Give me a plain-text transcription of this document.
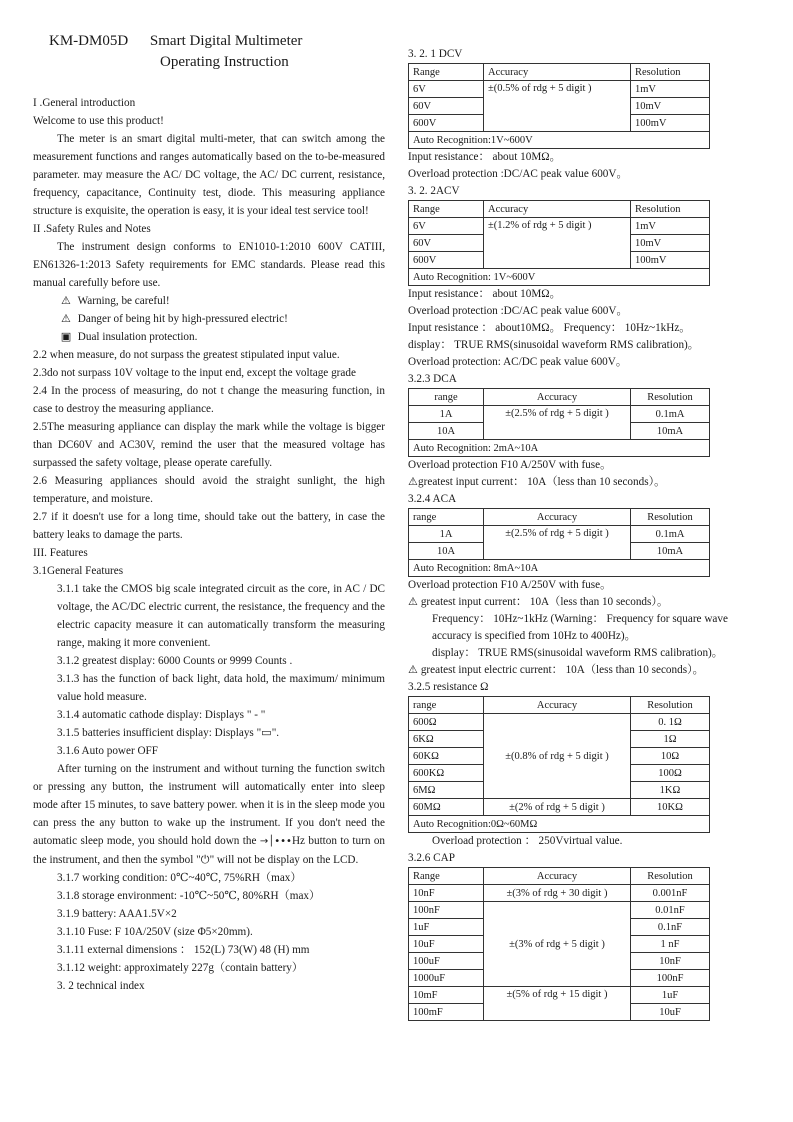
KM-DM05D Smart Digital Multimeter
Operating Instruction

I .General introduction

Welcome to use this product!

The meter is an smart digital multi-meter, that can switch among the measurement functions and ranges automatically based on the to-be-measured parameter. may measure the AC/ DC voltage, the AC/ DC current, resistance, frequency, capacitance, Continuity test, diode. This measuring appliance structure is exquisite, the operation is easy, it is your ideal test service tool!

II .Safety Rules and Notes

The instrument design conforms to EN1010-1:2010 600V CATIII, EN61326-1:2013 Safety requirements for EMC standards. Please read this manual carefully before use.

⚠ Warning, be careful!

⚠ Danger of being hit by high-pressured electric!

▣ Dual insulation protection.

2.2 when measure, do not surpass the greatest stipulated input value.

2.3do not surpass 10V voltage to the input end, except the voltage grade

2.4 In the process of measuring, do not t change the measuring function, in case to destroy the measuring appliance.

2.5The measuring appliance can display the mark while the voltage is bigger than DC60V and AC30V, remind the user that the measured voltage has surpassed the safety voltage, please operate carefully.

2.6 Measuring appliances should avoid the straight sunlight, the high temperature, and moisture.

2.7 if it doesn't use for a long time, should take out the battery, in case the battery leaks to damage the parts.

III. Features

3.1General Features

3.1.1 take the CMOS big scale integrated circuit as the core, in AC / DC voltage, the AC/DC electric current, the resistance, the frequency and the electric capacity measure it can automatically transform the measuring range, making it more convenient.

3.1.2 greatest display: 6000 Counts or 9999 Counts .

3.1.3 has the function of back light, data hold, the maximum/ minimum value hold measure.

3.1.4 automatic cathode display: Displays " - "

3.1.5 batteries insufficient display: Displays "▭".

3.1.6 Auto power OFF

After turning on the instrument and without turning the function switch or pressing any button, the instrument will automatically enter into sleep mode after 15 minutes, to save battery power. when it is in the sleep mode you can press the any button to wake up the instrument. If you don't need the automatic sleep mode, you should hold down the →│•••Hz button to turn on the instrument, and then the symbol "⏻" will not be display on the LCD.

3.1.7 working condition: 0℃~40℃, 75%RH（max）

3.1.8 storage environment: -10℃~50℃, 80%RH（max）

3.1.9 battery: AAA1.5V×2

3.1.10 Fuse: F 10A/250V (size Φ5×20mm).

3.1.11 external dimensions ： 152(L) 73(W) 48 (H) mm

3.1.12 weight: approximately 227g（contain battery）

3. 2 technical index

3. 2. 1 DCV

Range	Accuracy	Resolution
6V	±(0.5% of rdg + 5 digit )	1mV
60V		10mV
600V		100mV
Auto Recognition:1V~600V		

Input resistance： about 10MΩ。

Overload protection :DC/AC peak value 600V。

3. 2. 2ACV

Range	Accuracy	Resolution
6V	±(1.2% of rdg + 5 digit )	1mV
60V		10mV
600V		100mV
Auto Recognition: 1V~600V		

Input resistance： about 10MΩ。

Overload protection :DC/AC peak value 600V。

Input resistance ： about10MΩ。 Frequency： 10Hz~1kHz。

display： TRUE RMS(sinusoidal waveform RMS calibration)。

Overload protection: AC/DC peak value 600V。

3.2.3 DCA

range	Accuracy	Resolution
1A	±(2.5% of rdg + 5 digit )	0.1mA
10A		10mA
Auto Recognition: 2mA~10A		

Overload protection F10 A/250V with fuse。

⚠greatest input current： 10A（less than 10 seconds）。

3.2.4 ACA

range	Accuracy	Resolution
1A	±(2.5% of rdg + 5 digit )	0.1mA
10A		10mA
Auto Recognition: 8mA~10A		

Overload protection F10 A/250V with fuse。

⚠ greatest input current： 10A（less than 10 seconds）。

Frequency： 10Hz~1kHz (Warning： Frequency for square wave accuracy is specified from 10Hz to 400Hz)。

display： TRUE RMS(sinusoidal waveform RMS calibration)。

⚠ greatest input electric current： 10A（less than 10 seconds）。

3.2.5 resistance Ω

range	Accuracy	Resolution
600Ω	±(0.8% of rdg + 5 digit )	0. 1Ω
6KΩ		1Ω
60KΩ		10Ω
600KΩ		100Ω
6MΩ		1KΩ
60MΩ	±(2% of rdg + 5 digit )	10KΩ
Auto Recognition:0Ω~60MΩ		

Overload protection ： 250Vvirtual value.

3.2.6 CAP

Range	Accuracy	Resolution
10nF	±(3% of rdg + 30 digit )	0.001nF
100nF	±(3% of rdg + 5 digit )	0.01nF
1uF		0.1nF
10uF		1 nF
100uF		10nF
1000uF		100nF
10mF	±(5% of rdg + 15 digit )	1uF
100mF		10uF
